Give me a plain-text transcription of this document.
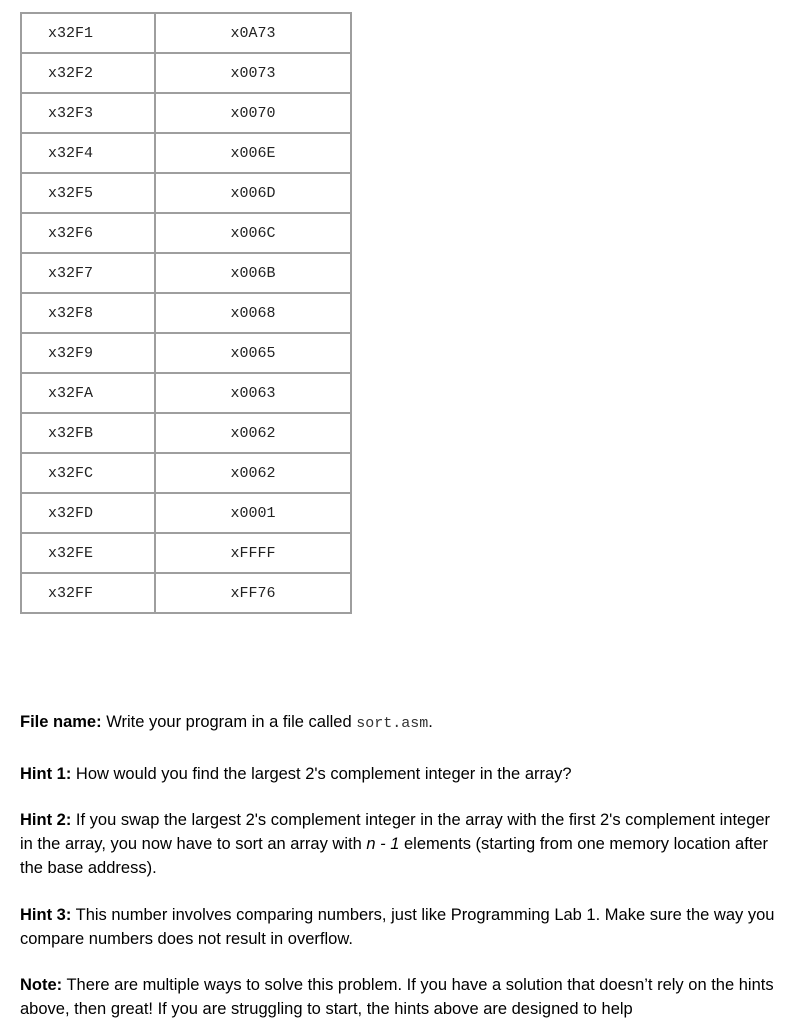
x32F1	x0A73
x32F2	x0073
x32F3	x0070
x32F4	x006E
x32F5	x006D
x32F6	x006C
x32F7	x006B
x32F8	x0068
x32F9	x0065
x32FA	x0063
x32FB	x0062
x32FC	x0062
x32FD	x0001
x32FE	xFFFF
x32FF	xFF76
File name: Write your program in a file called sort.asm.
Hint 1: How would you find the largest 2's complement integer in the array?
Hint 2: If you swap the largest 2's complement integer in the array with the first 2's complement integer in the array, you now have to sort an array with n - 1 elements (starting from one memory location after the base address).
Hint 3: This number involves comparing numbers, just like Programming Lab 1. Make sure the way you compare numbers does not result in overflow.
Note: There are multiple ways to solve this problem. If you have a solution that doesn’t rely on the hints above, then great! If you are struggling to start, the hints above are designed to help
